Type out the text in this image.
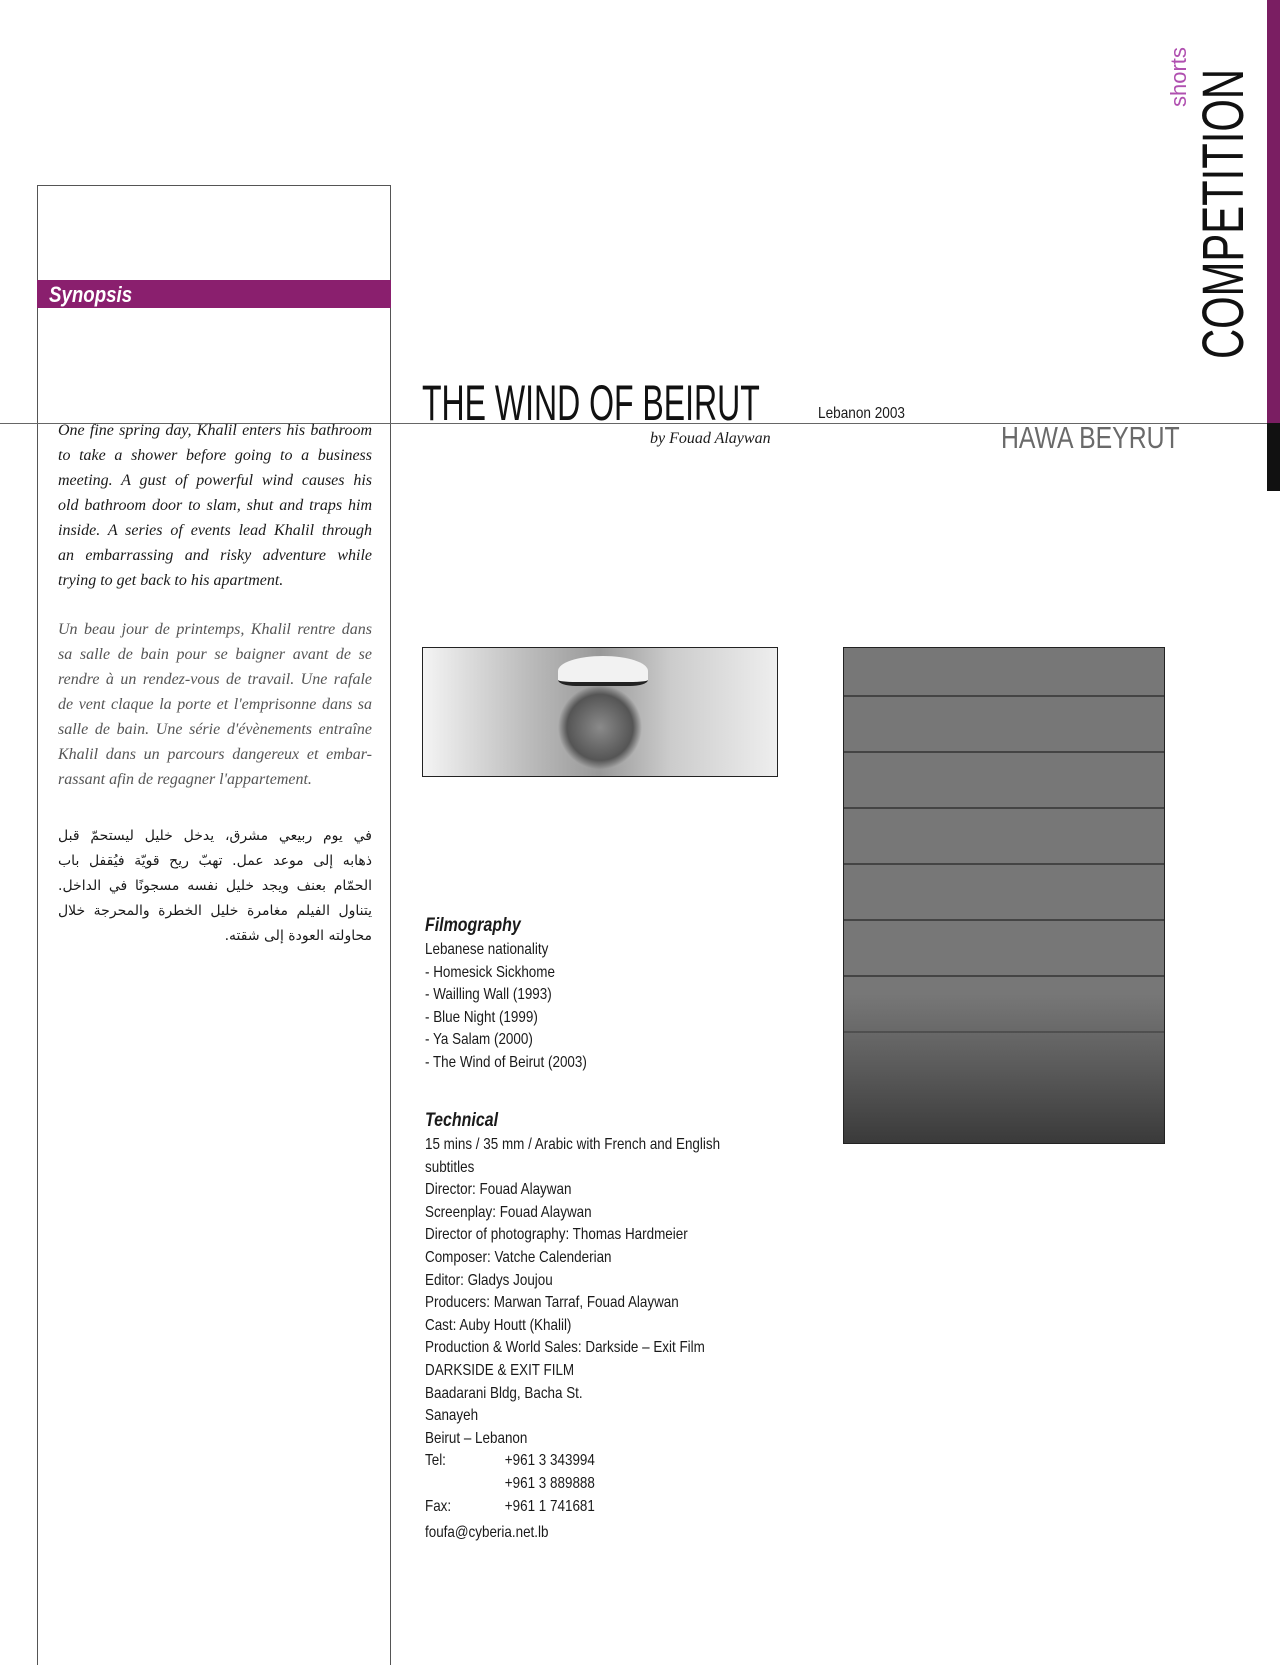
Synopsis
One fine spring day, Khalil enters his bathroom
to take a shower before going to a business
meeting. A gust of powerful wind causes his
old bathroom door to slam, shut and traps him
inside. A series of events lead Khalil through
an embarrassing and risky adventure while
trying to get back to his apartment.
Un beau jour de printemps, Khalil rentre dans
sa salle de bain pour se baigner avant de se
rendre à un rendez-vous de travail. Une rafale
de vent claque la porte et l'emprisonne dans sa
salle de bain. Une série d'évènements entraîne
Khalil dans un parcours dangereux et embar-
rassant afin de regagner l'appartement.
في يوم ربيعي مشرق، يدخل خليل ليستحمّ قبل
ذهابه إلى موعد عمل. تهبّ ريح قويّة فيُقفل باب
الحمّام بعنف ويجد خليل نفسه مسجونًا في الداخل.
يتناول الفيلم مغامرة خليل الخطرة والمحرجة خلال
محاولته العودة إلى شقته.
THE WIND OF BEIRUT	Lebanon 2003
by Fouad Alaywan	HAWA BEYRUT
COMPETITION
shorts
Filmography
Lebanese nationality
- Homesick Sickhome
- Wailling Wall (1993)
- Blue Night (1999)
- Ya Salam (2000)
- The Wind of Beirut (2003)
Technical
15 mins / 35 mm / Arabic with French and English
subtitles
Director: Fouad Alaywan
Screenplay: Fouad Alaywan
Director of photography: Thomas Hardmeier
Composer: Vatche Calenderian
Editor: Gladys Joujou
Producers: Marwan Tarraf, Fouad Alaywan
Cast: Auby Houtt (Khalil)
Production & World Sales: Darkside – Exit Film
DARKSIDE & EXIT FILM
Baadarani Bldg, Bacha St.
Sanayeh
Beirut – Lebanon
Tel:	+961 3 343994
+961 3 889888
Fax:	+961 1 741681
foufa@cyberia.net.lb
